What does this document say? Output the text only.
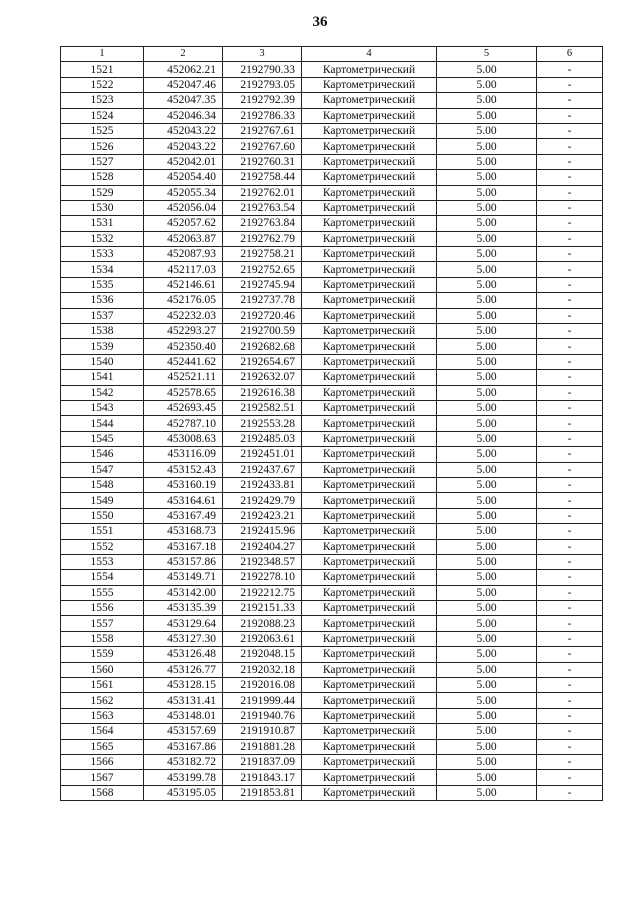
36
1	2	3	4	5	6
1521	452062.21	2192790.33	Картометрический	5.00	-
1522	452047.46	2192793.05	Картометрический	5.00	-
1523	452047.35	2192792.39	Картометрический	5.00	-
1524	452046.34	2192786.33	Картометрический	5.00	-
1525	452043.22	2192767.61	Картометрический	5.00	-
1526	452043.22	2192767.60	Картометрический	5.00	-
1527	452042.01	2192760.31	Картометрический	5.00	-
1528	452054.40	2192758.44	Картометрический	5.00	-
1529	452055.34	2192762.01	Картометрический	5.00	-
1530	452056.04	2192763.54	Картометрический	5.00	-
1531	452057.62	2192763.84	Картометрический	5.00	-
1532	452063.87	2192762.79	Картометрический	5.00	-
1533	452087.93	2192758.21	Картометрический	5.00	-
1534	452117.03	2192752.65	Картометрический	5.00	-
1535	452146.61	2192745.94	Картометрический	5.00	-
1536	452176.05	2192737.78	Картометрический	5.00	-
1537	452232.03	2192720.46	Картометрический	5.00	-
1538	452293.27	2192700.59	Картометрический	5.00	-
1539	452350.40	2192682.68	Картометрический	5.00	-
1540	452441.62	2192654.67	Картометрический	5.00	-
1541	452521.11	2192632.07	Картометрический	5.00	-
1542	452578.65	2192616.38	Картометрический	5.00	-
1543	452693.45	2192582.51	Картометрический	5.00	-
1544	452787.10	2192553.28	Картометрический	5.00	-
1545	453008.63	2192485.03	Картометрический	5.00	-
1546	453116.09	2192451.01	Картометрический	5.00	-
1547	453152.43	2192437.67	Картометрический	5.00	-
1548	453160.19	2192433.81	Картометрический	5.00	-
1549	453164.61	2192429.79	Картометрический	5.00	-
1550	453167.49	2192423.21	Картометрический	5.00	-
1551	453168.73	2192415.96	Картометрический	5.00	-
1552	453167.18	2192404.27	Картометрический	5.00	-
1553	453157.86	2192348.57	Картометрический	5.00	-
1554	453149.71	2192278.10	Картометрический	5.00	-
1555	453142.00	2192212.75	Картометрический	5.00	-
1556	453135.39	2192151.33	Картометрический	5.00	-
1557	453129.64	2192088.23	Картометрический	5.00	-
1558	453127.30	2192063.61	Картометрический	5.00	-
1559	453126.48	2192048.15	Картометрический	5.00	-
1560	453126.77	2192032.18	Картометрический	5.00	-
1561	453128.15	2192016.08	Картометрический	5.00	-
1562	453131.41	2191999.44	Картометрический	5.00	-
1563	453148.01	2191940.76	Картометрический	5.00	-
1564	453157.69	2191910.87	Картометрический	5.00	-
1565	453167.86	2191881.28	Картометрический	5.00	-
1566	453182.72	2191837.09	Картометрический	5.00	-
1567	453199.78	2191843.17	Картометрический	5.00	-
1568	453195.05	2191853.81	Картометрический	5.00	-
